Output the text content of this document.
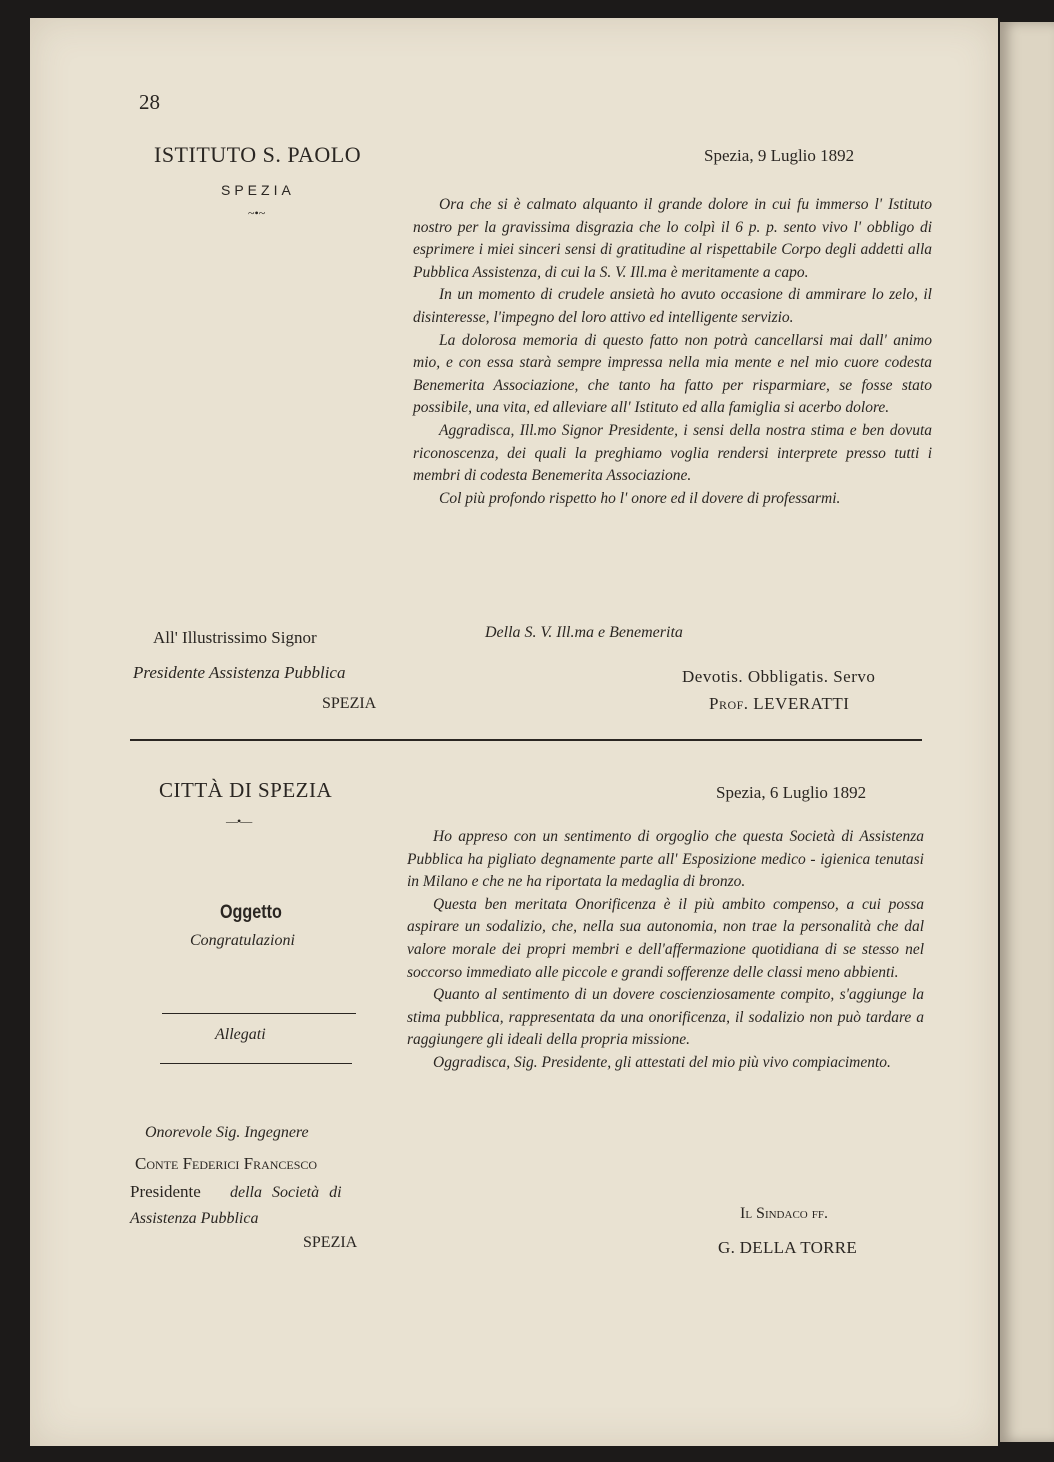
28
ISTITUTO S. PAOLO
SPEZIA
~•~
Spezia, 9 Luglio 1892

Ora che si è calmato alquanto il grande dolore in cui fu immerso l' Istituto nostro per la gravissima disgrazia che lo colpì il 6 p. p. sento vivo l' obbligo di esprimere i miei sinceri sensi di gratitudine al rispettabile Corpo degli addetti alla Pubblica Assistenza, di cui la S. V. Ill.ma è meritamente a capo.

In un momento di crudele ansietà ho avuto occasione di ammirare lo zelo, il disinteresse, l'impegno del loro attivo ed intelligente servizio.

La dolorosa memoria di questo fatto non potrà cancellarsi mai dall' animo mio, e con essa starà sempre impressa nella mia mente e nel mio cuore codesta Benemerita Associazione, che tanto ha fatto per risparmiare, se fosse stato possibile, una vita, ed alleviare all' Istituto ed alla famiglia si acerbo dolore.

Aggradisca, Ill.mo Signor Presidente, i sensi della nostra stima e ben dovuta riconoscenza, dei quali la preghiamo voglia rendersi interprete presso tutti i membri di codesta Benemerita Associazione.

Col più profondo rispetto ho l' onore ed il dovere di professarmi.

Della S. V. Ill.ma e Benemerita
All' Illustrissimo Signor
Presidente Assistenza Pubblica
SPEZIA
Devotis. Obbligatis. Servo
Prof. LEVERATTI
CITTÀ DI SPEZIA
—•—
Spezia, 6 Luglio 1892
Oggetto
Congratulazioni
Allegati

Ho appreso con un sentimento di orgoglio che questa Società di Assistenza Pubblica ha pigliato degnamente parte all' Esposizione medico - igienica tenutasi in Milano e che ne ha riportata la medaglia di bronzo.

Questa ben meritata Onorificenza è il più ambito compenso, a cui possa aspirare un sodalizio, che, nella sua autonomia, non trae la personalità che dal valore morale dei propri membri e dell'affermazione quotidiana di se stesso nel soccorso immediato alle piccole e grandi sofferenze delle classi meno abbienti.

Quanto al sentimento di un dovere coscienziosamente compito, s'aggiunge la stima pubblica, rappresentata da una onorificenza, il sodalizio non può tardare a raggiungere gli ideali della propria missione.

Oggradisca, Sig. Presidente, gli attestati del mio più vivo compiacimento.

Onorevole Sig. Ingegnere
Conte Federici Francesco
Presidente della Società di
Assistenza Pubblica
SPEZIA
Il Sindaco ff.
G. DELLA TORRE
